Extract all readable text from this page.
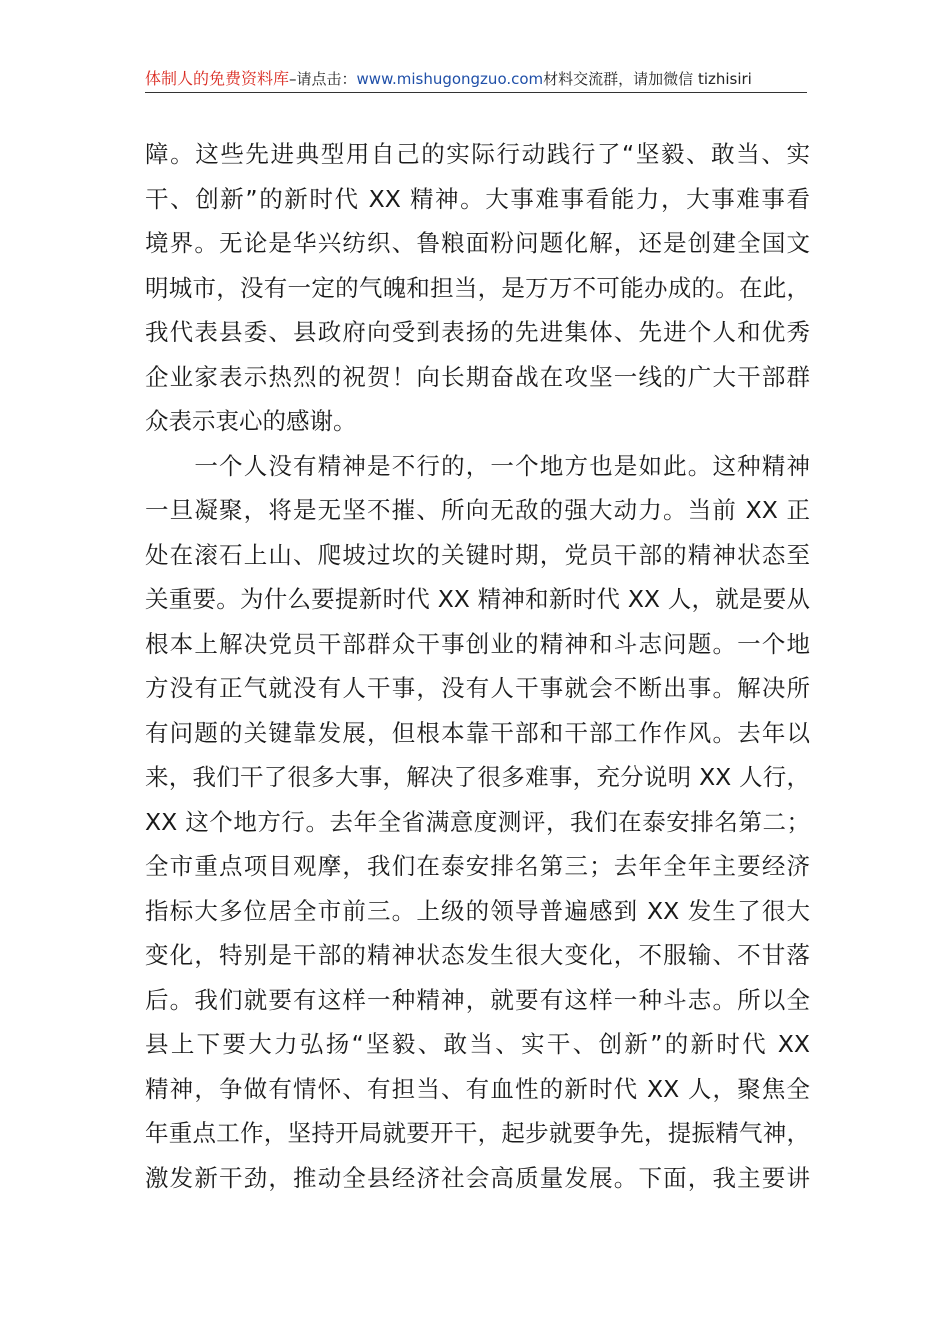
体制人的免费资料库–请点击：www.mishugongzuo.com材料交流群，请加微信 tizhisiri

障。这些先进典型用自己的实际行动践行了“坚毅、敢当、实
干、创新”的新时代 XX 精神。大事难事看能力，大事难事看
境界。无论是华兴纺织、鲁粮面粉问题化解，还是创建全国文
明城市，没有一定的气魄和担当，是万万不可能办成的。在此，
我代表县委、县政府向受到表扬的先进集体、先进个人和优秀
企业家表示热烈的祝贺！向长期奋战在攻坚一线的广大干部群
众表示衷心的感谢。

　　一个人没有精神是不行的，一个地方也是如此。这种精神
一旦凝聚，将是无坚不摧、所向无敌的强大动力。当前 XX 正
处在滚石上山、爬坡过坎的关键时期，党员干部的精神状态至
关重要。为什么要提新时代 XX 精神和新时代 XX 人，就是要从
根本上解决党员干部群众干事创业的精神和斗志问题。一个地
方没有正气就没有人干事，没有人干事就会不断出事。解决所
有问题的关键靠发展，但根本靠干部和干部工作作风。去年以
来，我们干了很多大事，解决了很多难事，充分说明 XX 人行，
XX 这个地方行。去年全省满意度测评，我们在泰安排名第二；
全市重点项目观摩，我们在泰安排名第三；去年全年主要经济
指标大多位居全市前三。上级的领导普遍感到 XX 发生了很大
变化，特别是干部的精神状态发生很大变化，不服输、不甘落
后。我们就要有这样一种精神，就要有这样一种斗志。所以全
县上下要大力弘扬“坚毅、敢当、实干、创新”的新时代 XX
精神，争做有情怀、有担当、有血性的新时代 XX 人，聚焦全
年重点工作，坚持开局就要开干，起步就要争先，提振精气神，
激发新干劲，推动全县经济社会高质量发展。下面，我主要讲
